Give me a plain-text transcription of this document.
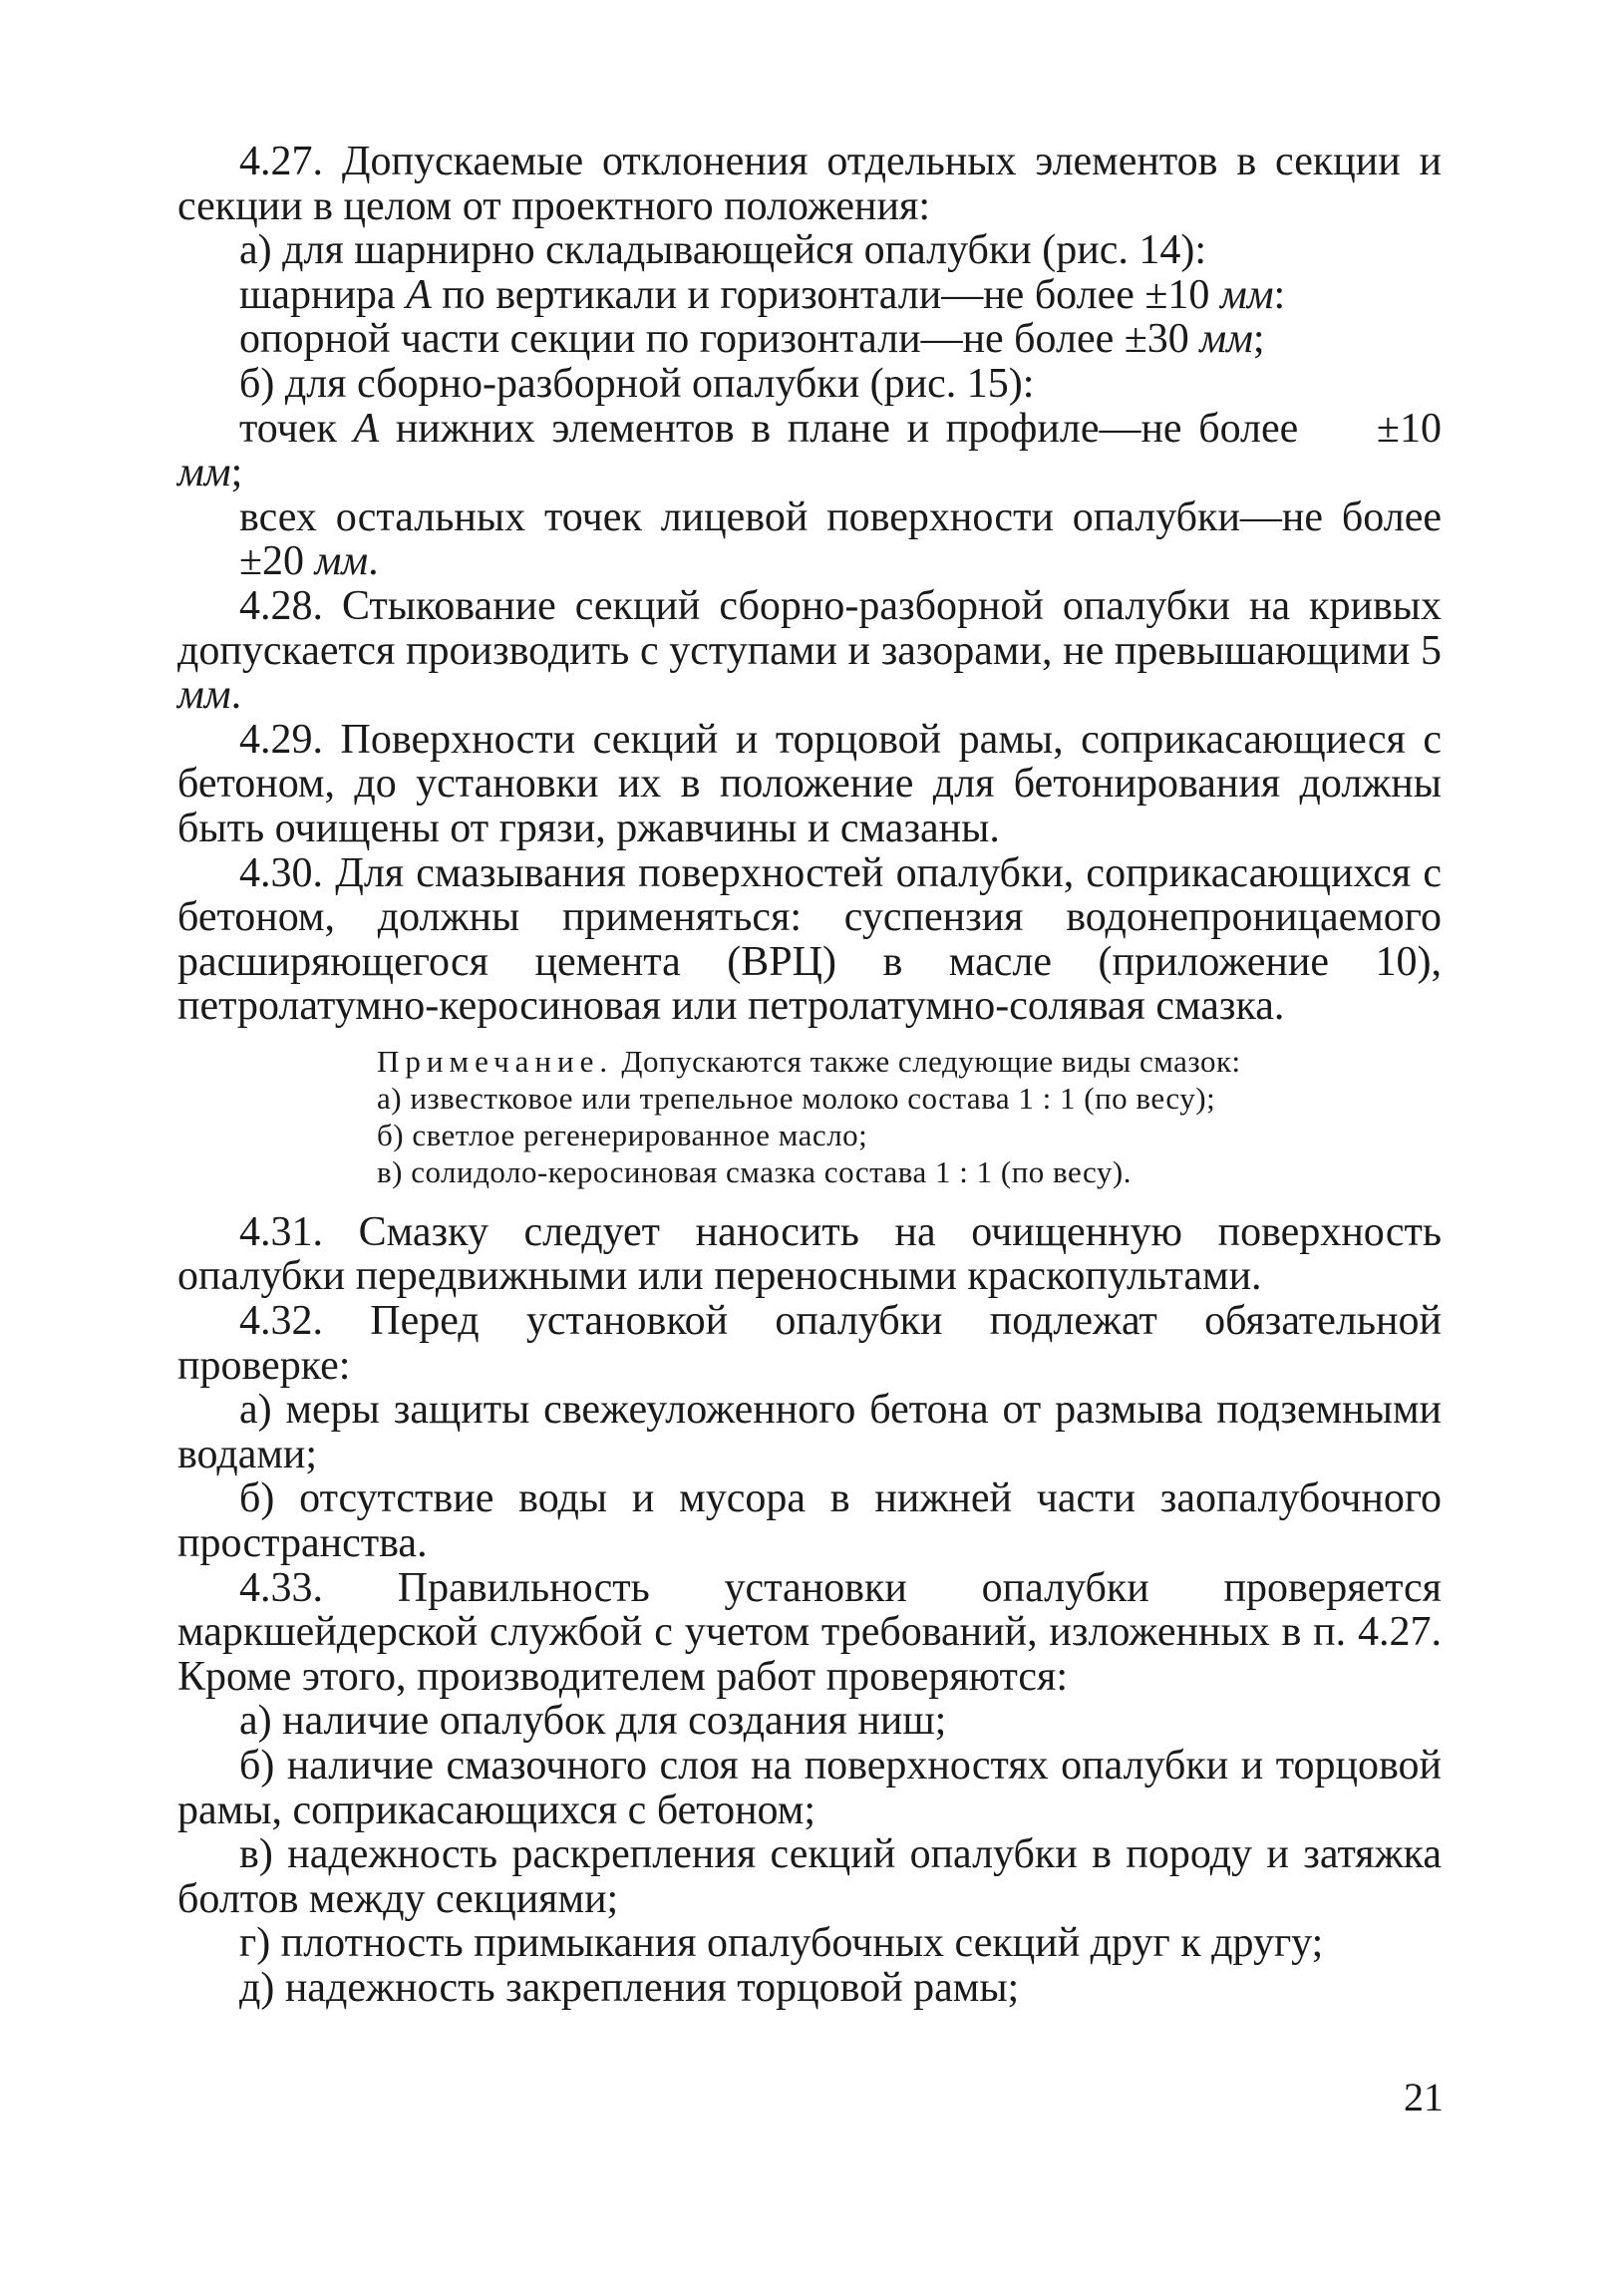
4.27. Допускаемые отклонения отдельных элементов в секции и секции в целом от проектного положения:

а) для шарнирно складывающейся опалубки (рис. 14):

шарнира А по вертикали и горизонтали—не более ±10 мм:

опорной части секции по горизонтали—не более ±30 мм;

б) для сборно-разборной опалубки (рис. 15):

точек А нижних элементов в плане и профиле—не более ±10 мм;

всех остальных точек лицевой поверхности опалубки—не более ±20 мм.

4.28. Стыкование секций сборно-разборной опалубки на кривых допускается производить с уступами и зазорами, не превышающими 5 мм.

4.29. Поверхности секций и торцовой рамы, соприкасающиеся с бетоном, до установки их в положение для бетонирования должны быть очищены от грязи, ржавчины и смазаны.

4.30. Для смазывания поверхностей опалубки, соприкасающихся с бетоном, должны применяться: суспензия водонепроницаемого расширяющегося цемента (ВРЦ) в масле (приложение 10), петролатумно-керосиновая или петролатумно-солявая смазка.

Примечание. Допускаются также следующие виды смазок:

а) известковое или трепельное молоко состава 1 : 1 (по весу);

б) светлое регенерированное масло;

в) солидоло-керосиновая смазка состава 1 : 1 (по весу).

4.31. Смазку следует наносить на очищенную поверхность опалубки передвижными или переносными краскопультами.

4.32. Перед установкой опалубки подлежат обязательной проверке:

а) меры защиты свежеуложенного бетона от размыва подземными водами;

б) отсутствие воды и мусора в нижней части заопалубочного пространства.

4.33. Правильность установки опалубки проверяется маркшейдерской службой с учетом требований, изложенных в п. 4.27. Кроме этого, производителем работ проверяются:

а) наличие опалубок для создания ниш;

б) наличие смазочного слоя на поверхностях опалубки и торцовой рамы, соприкасающихся с бетоном;

в) надежность раскрепления секций опалубки в породу и затяжка болтов между секциями;

г) плотность примыкания опалубочных секций друг к другу;

д) надежность закрепления торцовой рамы;

21
